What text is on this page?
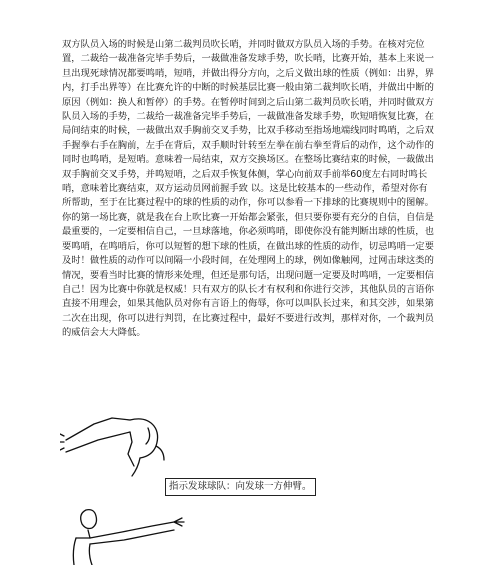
双方队员入场的时候是山第二裁判员吹长哨，并同时做双方队员入场的手势。在核对完位置，二裁给一裁准备完毕手势后，一裁做准备发球手势，吹长哨，比赛开始，基本上来说一旦出现死球情况都要鸣哨，短哨，并做出得分方向，之后义做出球的性质（例如：出界，界内，打手出界等）在比赛允许的中断的时候基层比赛一般由第二裁判吹长哨，并做出中断的原因（例如：换人和暂停）的手势。在暂停时间到之后山第二裁判员吹长哨，并同时做双方队员入场的手势，二裁给一裁准备完毕手势后，一裁做准备发球手势，吹短哨恢复比赛，在局间结束的时候，一裁做出双手胸前交叉手势，比双手移动至指场地端线同时鸣哨，之后双手握拳右手在胸前，左手在背后，双手顺时针转至左拳在前右拳至背后的动作，这个动作的同时也鸣哨，是短哨。意味着一局结束，双方交换场区。在整场比赛结束的时候，一裁做出双手胸前交叉手势，并鸣短哨，之后双手恢复体侧，掌心向前双手前举60度左右同时鸣长哨，意味着比赛结束，双方运动员网前握手致 以。这是比较基本的一些动作，希望对你有所帮助，至于在比赛过程中的球的性质的动作，你可以参看一下排球的比赛规则中的图解。你的第一场比赛，就是我在台上吹比赛一开始都会紧张，但只要你要有充分的自信，自信是最重要的，一定要相信自己，一旦球落地，你必须鸣哨，即使你没有能判断出球的性质，也要鸣哨，在鸣哨后，你可以短暂的想下球的性质，在做出球的性质的动作，切忌鸣哨一定要及时！做性质的动作可以间隔一小段时间，在处理网上的球，例如像触网，过网击球这类的情况，要看当时比赛的情形来处理，但还是那句话，出现问题一定要及时鸣哨，一定要相信自己！因为比赛中你就是权威！只有双方的队长才有权利和你进行交涉，其他队员的言语你直接不用理会，如果其他队员对你有言语上的侮辱，你可以叫队长过来，和其交涉，如果第二次在出现，你可以进行判罚，在比赛过程中，最好不要进行改判，那样对你，一个裁判员的威信会大大降低。

指示发球球队：向发球一方伸臂。
